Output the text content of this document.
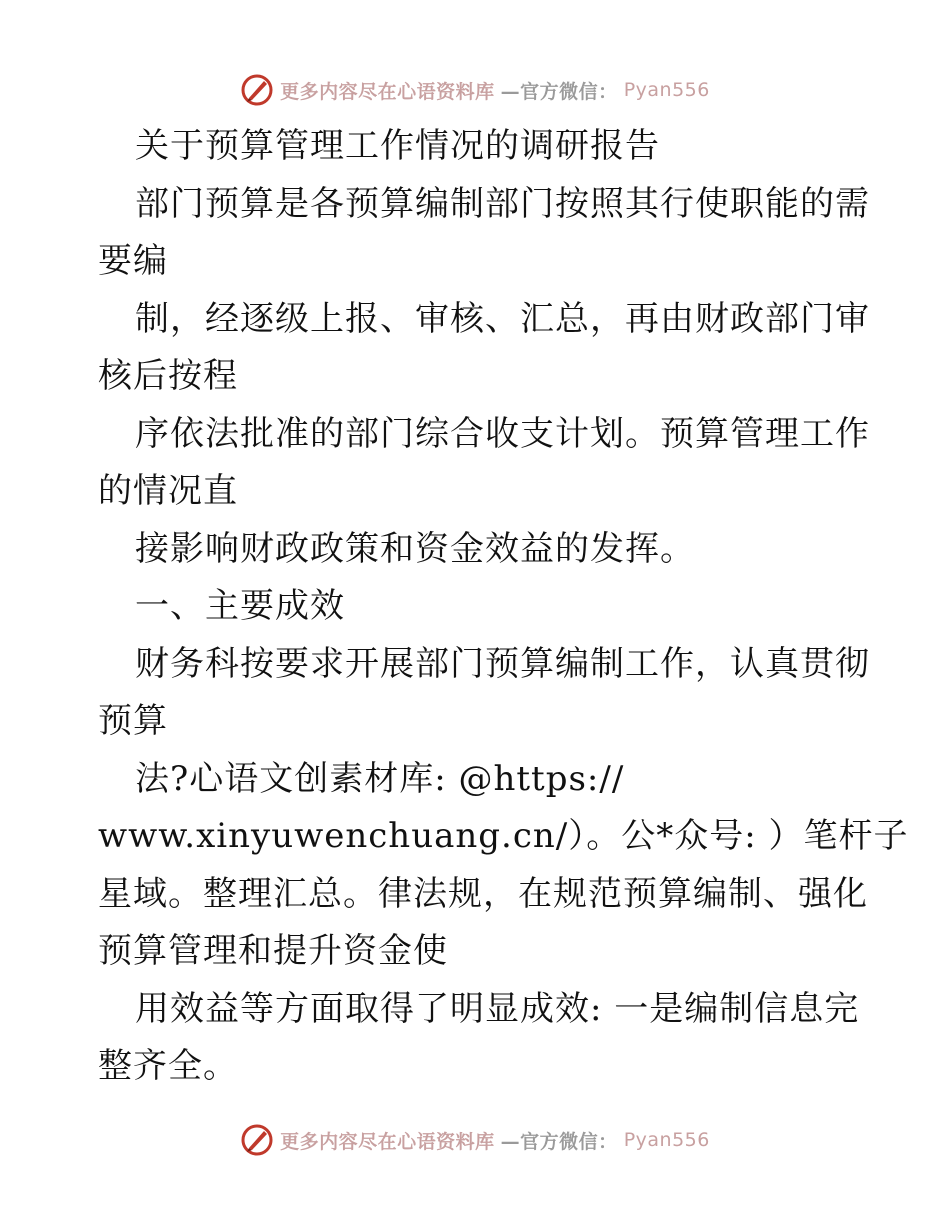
更多内容尽在心语资料库 —官方微信： Pyan556
关于预算管理工作情况的调研报告
部门预算是各预算编制部门按照其行使职能的需
要编
制，经逐级上报、审核、汇总，再由财政部门审
核后按程
序依法批准的部门综合收支计划。预算管理工作
的情况直
接影响财政政策和资金效益的发挥。
一、主要成效
财务科按要求开展部门预算编制工作，认真贯彻
预算
法?心语文创素材库: @https://
www.xinyuwenchuang.cn/）。公*众号: ）笔杆子
星域。整理汇总。律法规，在规范预算编制、强化
预算管理和提升资金使
用效益等方面取得了明显成效: 一是编制信息完
整齐全。
更多内容尽在心语资料库 —官方微信： Pyan556
